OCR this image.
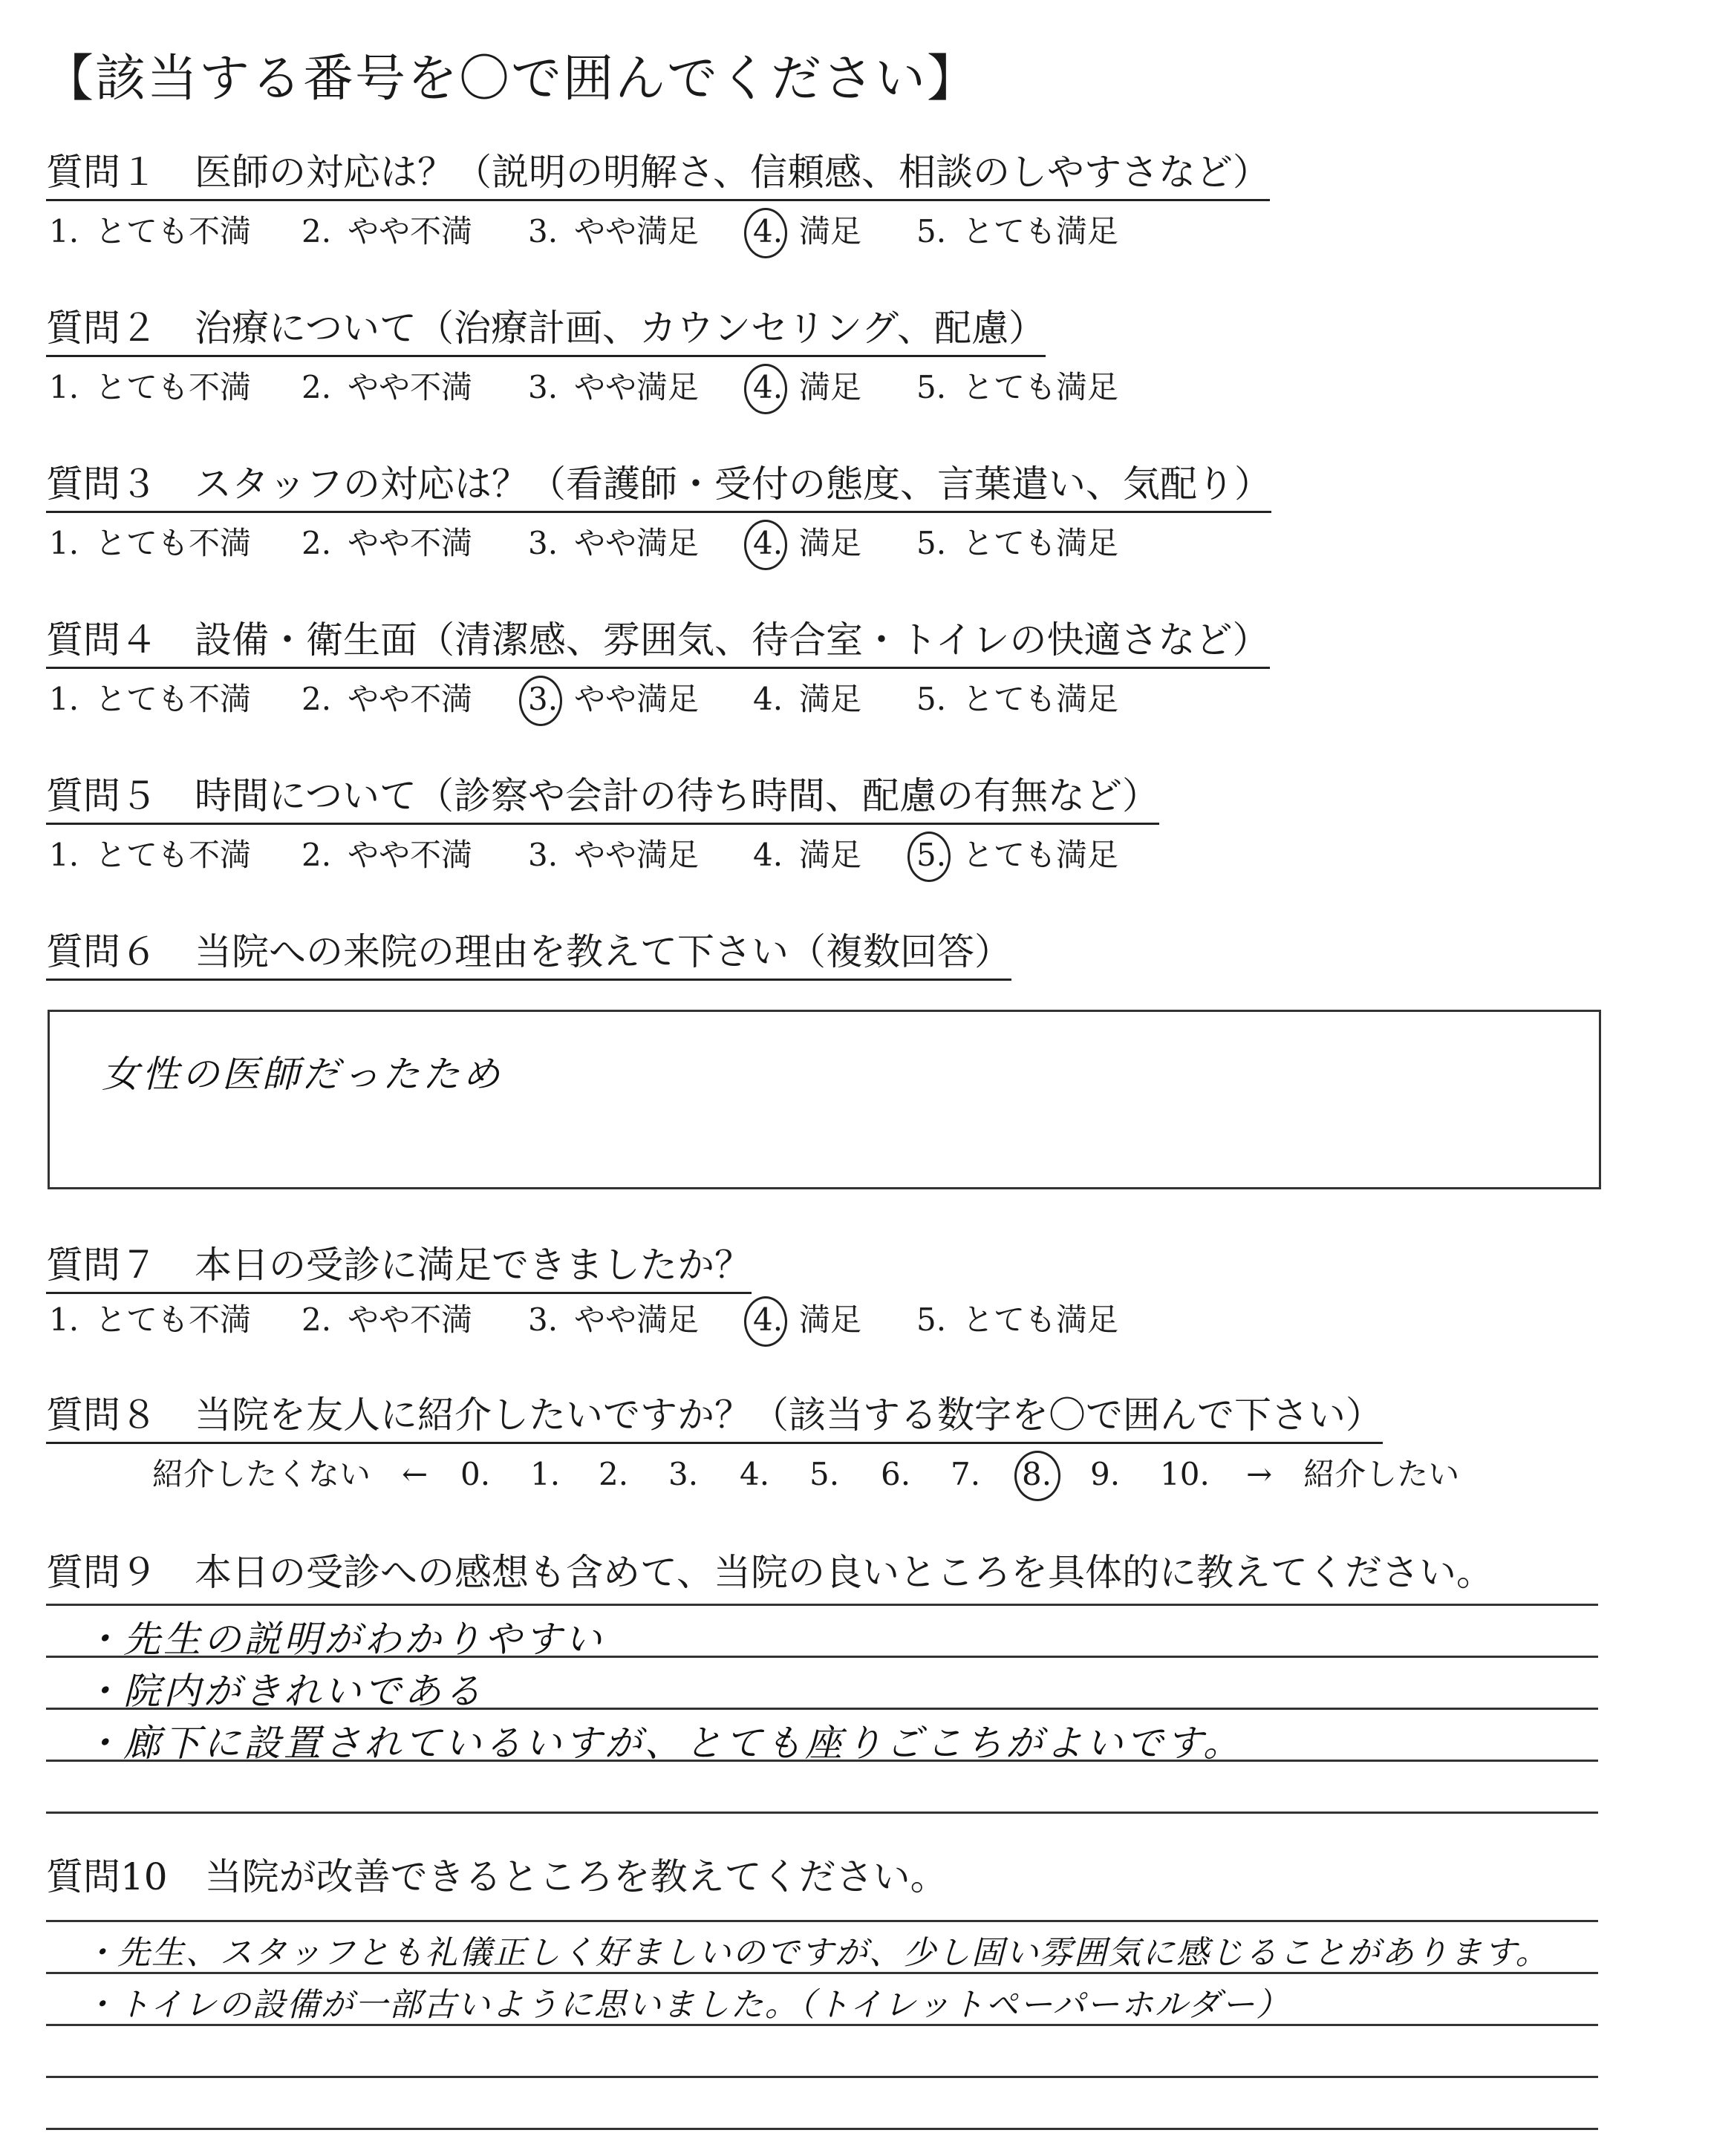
【該当する番号を〇で囲んでください】
質問１ 医師の対応は？（説明の明解さ、信頼感、相談のしやすさなど）
質問２ 治療について（治療計画、カウンセリング、配慮）
質問３ スタッフの対応は？（看護師・受付の態度、言葉遣い、気配り）
質問４ 設備・衛生面（清潔感、雰囲気、待合室・トイレの快適さなど）
質問５ 時間について（診察や会計の待ち時間、配慮の有無など）
1. とても不満 2. やや不満 3. やや満足 4. 満足 5. とても満足
1. とても不満 2. やや不満 3. やや満足 4. 満足 5. とても満足
1. とても不満 2. やや不満 3. やや満足 4. 満足 5. とても満足
1. とても不満 2. やや不満 3. やや満足 4. 満足 5. とても満足
1. とても不満 2. やや不満 3. やや満足 4. 満足 5. とても満足
質問６ 当院への来院の理由を教えて下さい（複数回答）
女性の医師だったため
質問７ 本日の受診に満足できましたか？
1. とても不満 2. やや不満 3. やや満足 4. 満足 5. とても満足
質問８ 当院を友人に紹介したいですか？（該当する数字を〇で囲んで下さい）
紹介したくない　← 0. 1. 2. 3. 4. 5. 6. 7. 8. 9. 10. →　紹介したい
質問９ 本日の受診への感想も含めて、当院の良いところを具体的に教えてください。
・先生の説明がわかりやすい
・院内がきれいである
・廊下に設置されているいすが、とても座りごこちがよいです。
質問10 当院が改善できるところを教えてください。
・先生、スタッフとも礼儀正しく好ましいのですが、少し固い雰囲気に感じることがあります。
・トイレの設備が一部古いように思いました。（トイレットペーパーホルダー）
